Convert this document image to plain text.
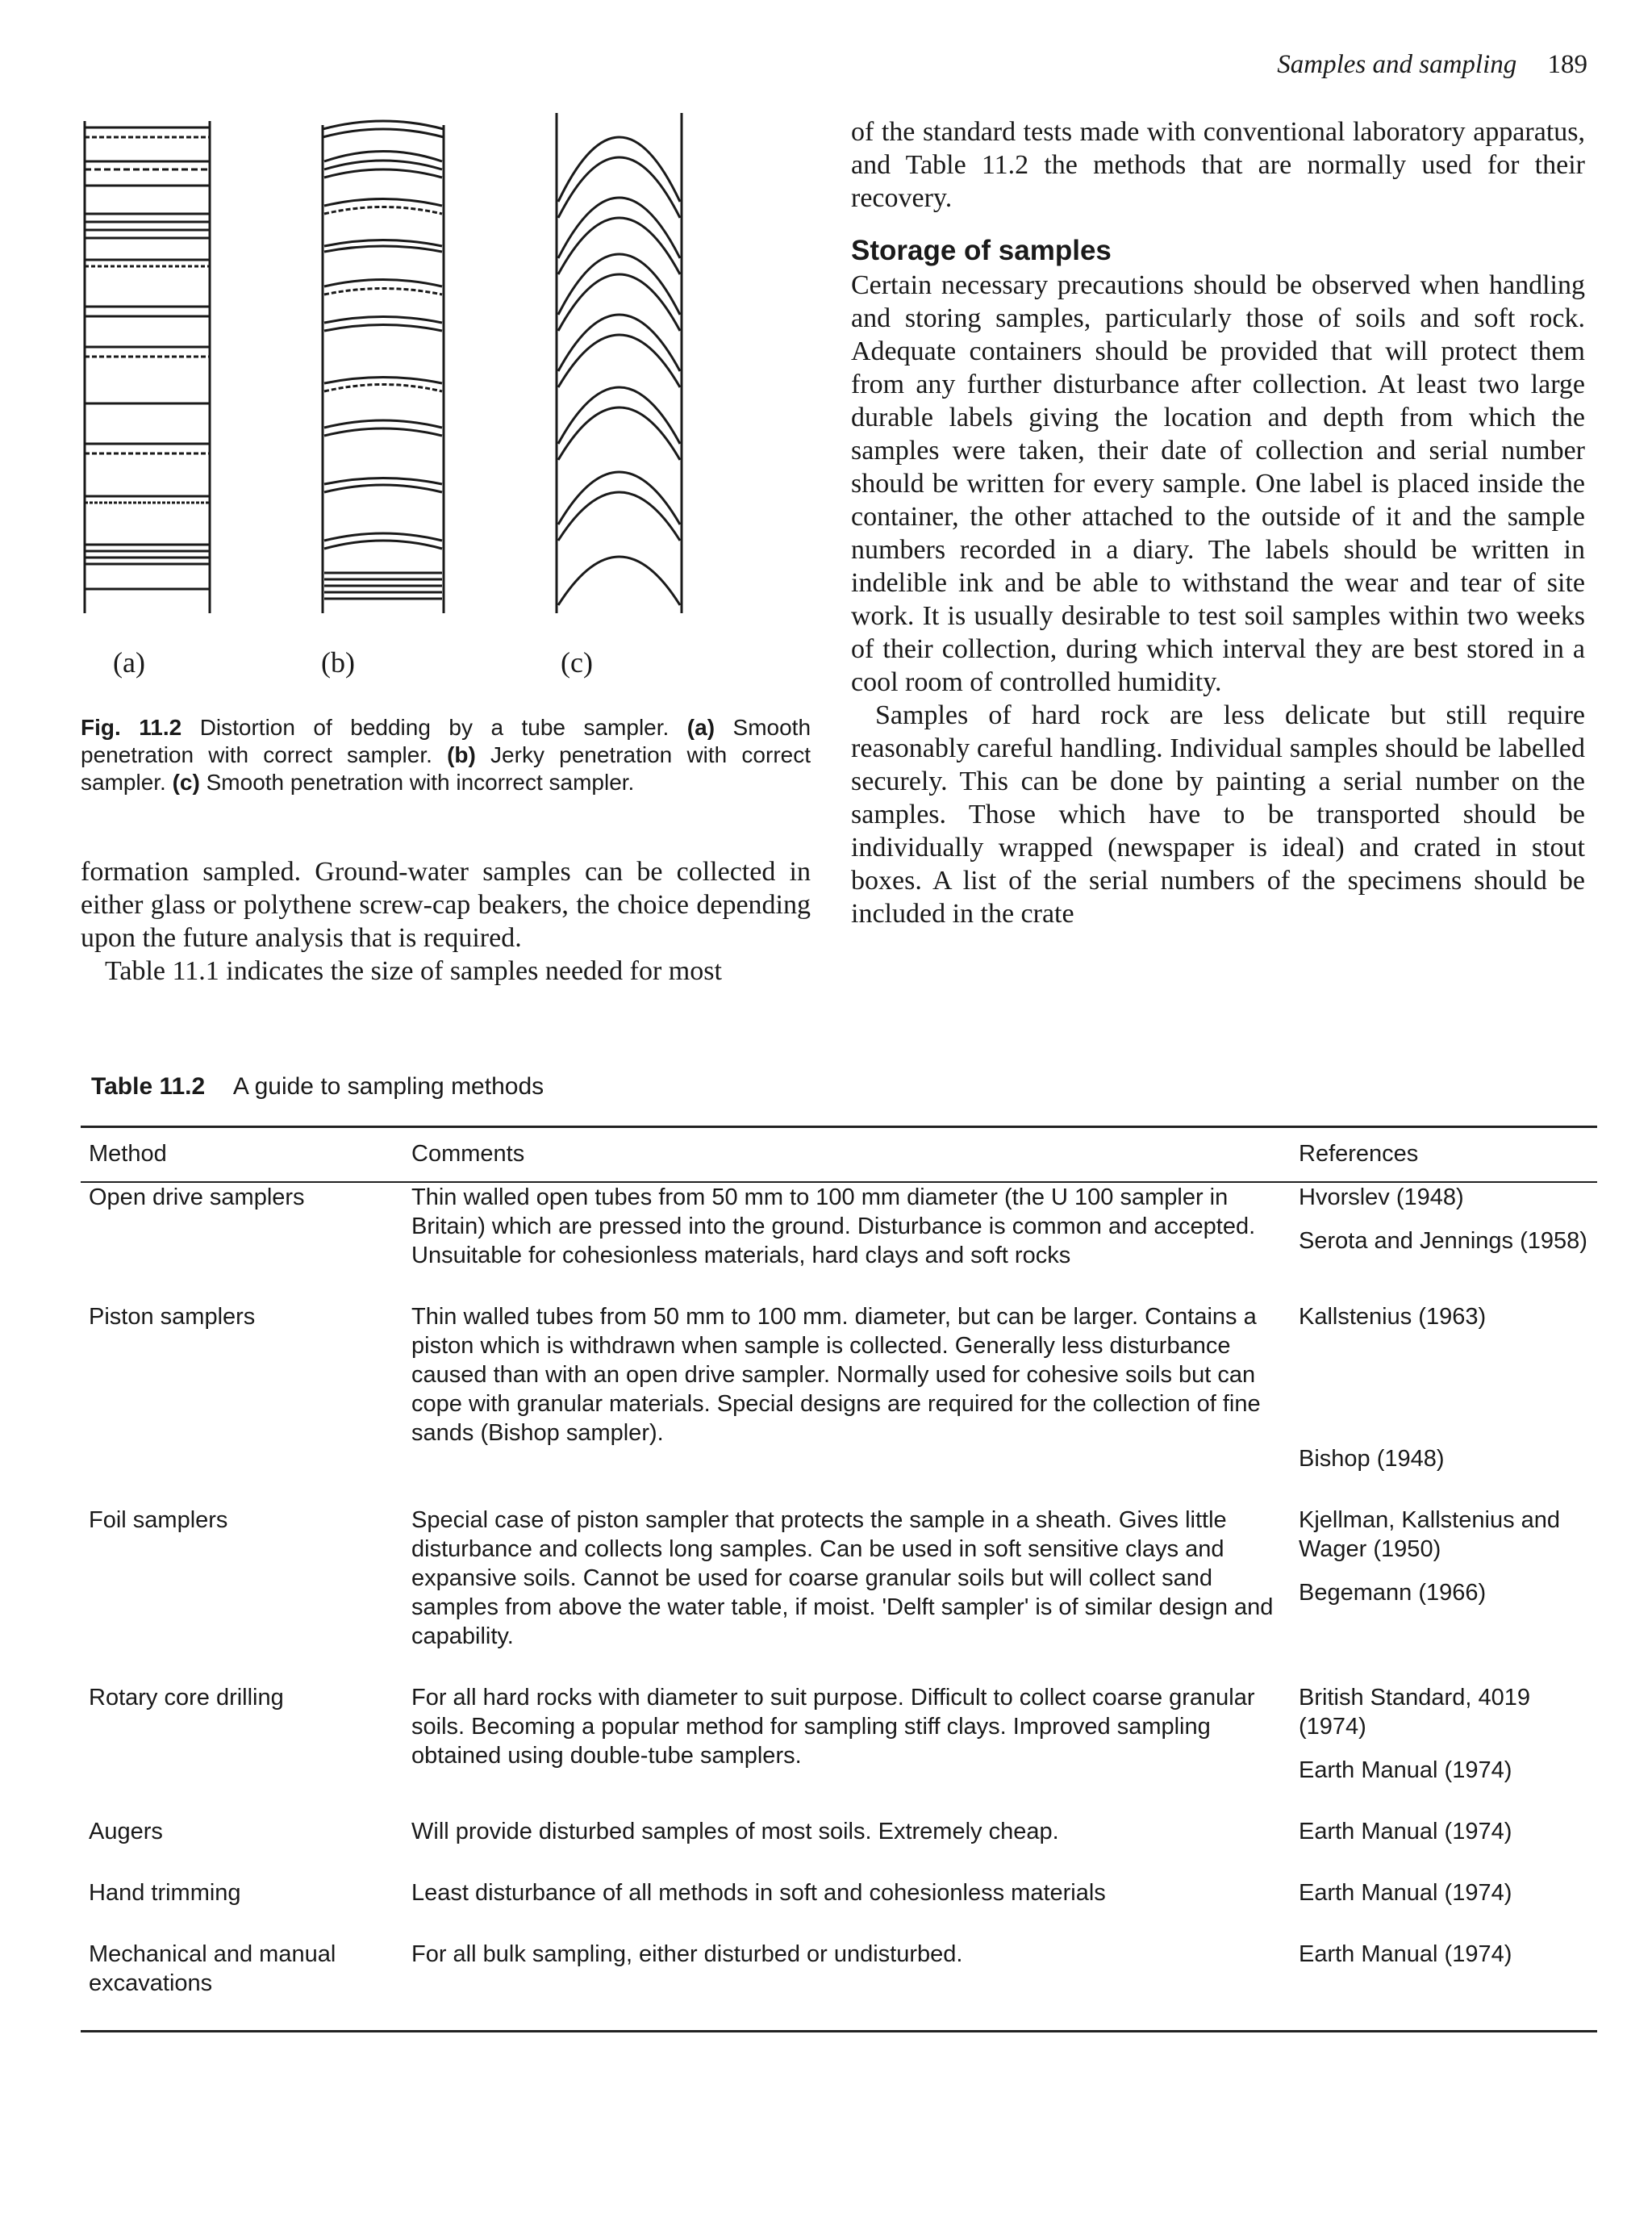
Samples and sampling 189
(a)	(b)	(c)
Fig. 11.2 Distortion of bedding by a tube sampler. (a) Smooth penetration with correct sampler. (b) Jerky penetration with correct sampler. (c) Smooth penetration with incorrect sampler.

formation sampled. Ground-water samples can be collected in either glass or polythene screw-cap beakers, the choice depending upon the future analysis that is required.

Table 11.1 indicates the size of samples needed for most

of the standard tests made with conventional laboratory apparatus, and Table 11.2 the methods that are normally used for their recovery.

Storage of samples

Certain necessary precautions should be observed when handling and storing samples, particularly those of soils and soft rock. Adequate containers should be provided that will protect them from any further disturbance after collection. At least two large durable labels giving the location and depth from which the samples were taken, their date of collection and serial number should be written for every sample. One label is placed inside the container, the other attached to the outside of it and the sample numbers recorded in a diary. The labels should be written in indelible ink and be able to withstand the wear and tear of site work. It is usually desirable to test soil samples within two weeks of their collection, during which interval they are best stored in a cool room of controlled humidity.

Samples of hard rock are less delicate but still require reasonably careful handling. Individual samples should be labelled securely. This can be done by painting a serial number on the samples. Those which have to be transported should be individually wrapped (newspaper is ideal) and crated in stout boxes. A list of the serial numbers of the specimens should be included in the crate

Table 11.2 A guide to sampling methods
Method	Comments	References

Open drive samplers	Thin walled open tubes from 50 mm to 100 mm diameter (the U 100 sampler in Britain) which are pressed into the ground. Disturbance is common and accepted. Unsuitable for cohesionless materials, hard clays and soft rocks	Hvorslev (1948)
Serota and Jennings (1958)

Piston samplers	Thin walled tubes from 50 mm to 100 mm. diameter, but can be larger. Contains a piston which is withdrawn when sample is collected. Generally less disturbance caused than with an open drive sampler. Normally used for cohesive soils but can cope with granular materials. Special designs are required for the collection of fine sands (Bishop sampler).	Kallstenius (1963)
Bishop (1948)

Foil samplers	Special case of piston sampler that protects the sample in a sheath. Gives little disturbance and collects long samples. Can be used in soft sensitive clays and expansive soils. Cannot be used for coarse granular soils but will collect sand samples from above the water table, if moist. 'Delft sampler' is of similar design and capability.	Kjellman, Kallstenius and Wager (1950)
Begemann (1966)

Rotary core drilling	For all hard rocks with diameter to suit purpose. Difficult to collect coarse granular soils. Becoming a popular method for sampling stiff clays. Improved sampling obtained using double-tube samplers.	British Standard, 4019 (1974)
Earth Manual (1974)

Augers	Will provide disturbed samples of most soils. Extremely cheap.	Earth Manual (1974)

Hand trimming	Least disturbance of all methods in soft and cohesionless materials	Earth Manual (1974)

Mechanical and manual excavations	For all bulk sampling, either disturbed or undisturbed.	Earth Manual (1974)
